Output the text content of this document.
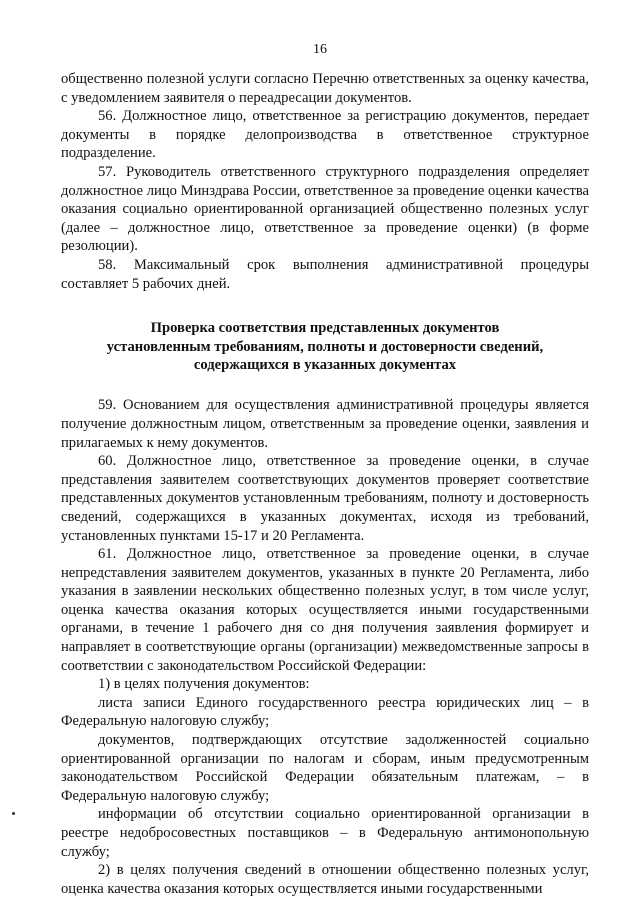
16

общественно полезной услуги согласно Перечню ответственных за оценку качества, с уведомлением заявителя о переадресации документов.

56. Должностное лицо, ответственное за регистрацию документов, передает документы в порядке делопроизводства в ответственное структурное подразделение.

57. Руководитель ответственного структурного подразделения определяет должностное лицо Минздрава России, ответственное за проведение оценки качества оказания социально ориентированной организацией общественно полезных услуг (далее – должностное лицо, ответственное за проведение оценки) (в форме резолюции).

58. Максимальный срок выполнения административной процедуры составляет 5 рабочих дней.

Проверка соответствия представленных документов
установленным требованиям, полноты и достоверности сведений,
содержащихся в указанных документах

59. Основанием для осуществления административной процедуры является получение должностным лицом, ответственным за проведение оценки, заявления и прилагаемых к нему документов.

60. Должностное лицо, ответственное за проведение оценки, в случае представления заявителем соответствующих документов проверяет соответствие представленных документов установленным требованиям, полноту и достоверность сведений, содержащихся в указанных документах, исходя из требований, установленных пунктами 15-17 и 20 Регламента.

61. Должностное лицо, ответственное за проведение оценки, в случае непредставления заявителем документов, указанных в пункте 20 Регламента, либо указания в заявлении нескольких общественно полезных услуг, в том числе услуг, оценка качества оказания которых осуществляется иными государственными органами, в течение 1 рабочего дня со дня получения заявления формирует и направляет в соответствующие органы (организации) межведомственные запросы в соответствии с законодательством Российской Федерации:

1) в целях получения документов:

листа записи Единого государственного реестра юридических лиц – в Федеральную налоговую службу;

документов, подтверждающих отсутствие задолженностей социально ориентированной организации по налогам и сборам, иным предусмотренным законодательством Российской Федерации обязательным платежам, – в Федеральную налоговую службу;

информации об отсутствии социально ориентированной организации в реестре недобросовестных поставщиков – в Федеральную антимонопольную службу;

2) в целях получения сведений в отношении общественно полезных услуг, оценка качества оказания которых осуществляется иными государственными
